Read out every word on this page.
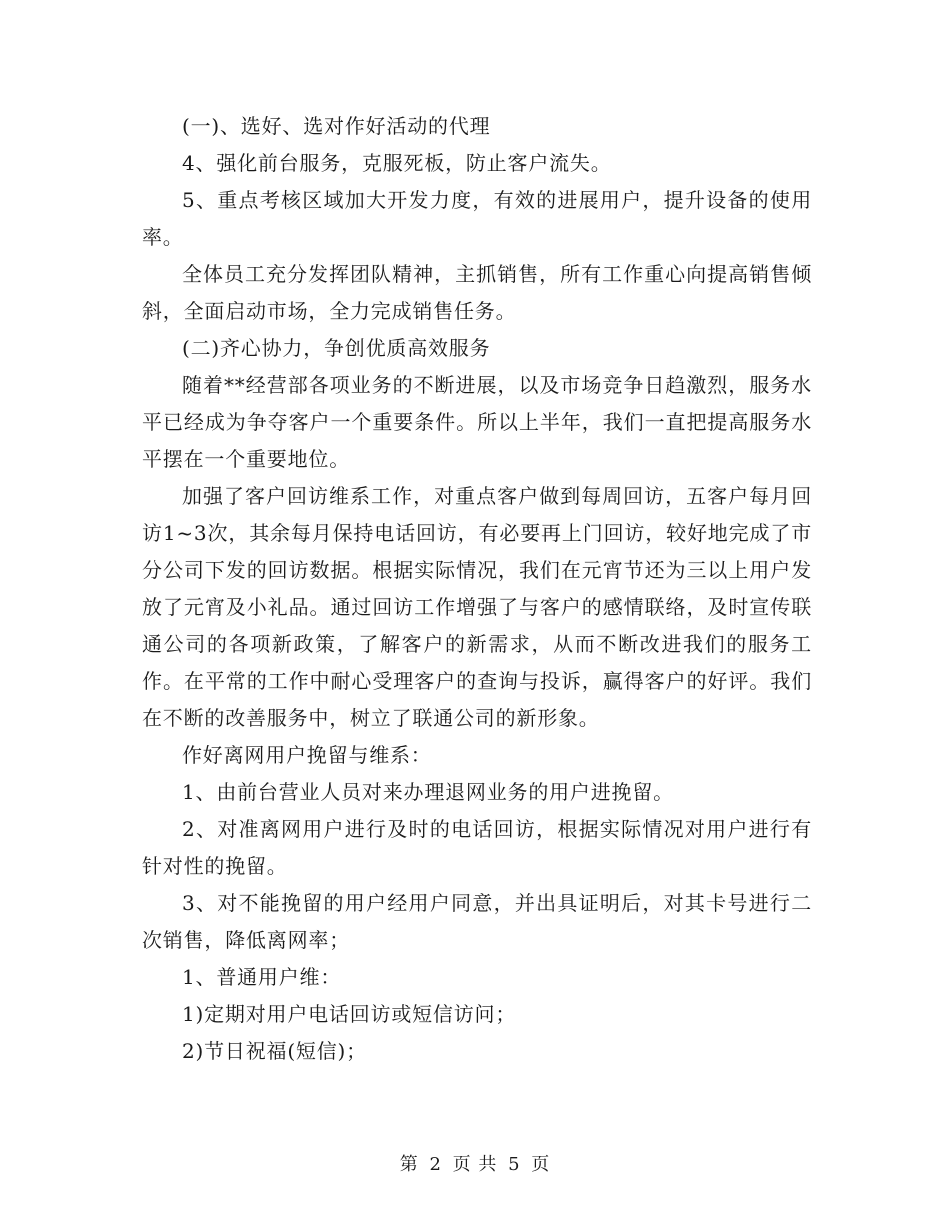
(一)、选好、选对作好活动的代理

4、强化前台服务，克服死板，防止客户流失。

5、重点考核区域加大开发力度，有效的进展用户，提升设备的使用率。

全体员工充分发挥团队精神，主抓销售，所有工作重心向提高销售倾斜，全面启动市场，全力完成销售任务。

(二)齐心协力，争创优质高效服务

随着**经营部各项业务的不断进展，以及市场竞争日趋激烈，服务水平已经成为争夺客户一个重要条件。所以上半年，我们一直把提高服务水平摆在一个重要地位。

加强了客户回访维系工作，对重点客户做到每周回访，五客户每月回访1~3次，其余每月保持电话回访，有必要再上门回访，较好地完成了市分公司下发的回访数据。根据实际情况，我们在元宵节还为三以上用户发放了元宵及小礼品。通过回访工作增强了与客户的感情联络，及时宣传联通公司的各项新政策，了解客户的新需求，从而不断改进我们的服务工作。在平常的工作中耐心受理客户的查询与投诉，赢得客户的好评。我们在不断的改善服务中，树立了联通公司的新形象。

作好离网用户挽留与维系：

1、由前台营业人员对来办理退网业务的用户进挽留。

2、对准离网用户进行及时的电话回访，根据实际情况对用户进行有针对性的挽留。

3、对不能挽留的用户经用户同意，并出具证明后，对其卡号进行二次销售，降低离网率；

1、普通用户维：

1)定期对用户电话回访或短信访问；

2)节日祝福(短信)；

第 2 页 共 5 页
